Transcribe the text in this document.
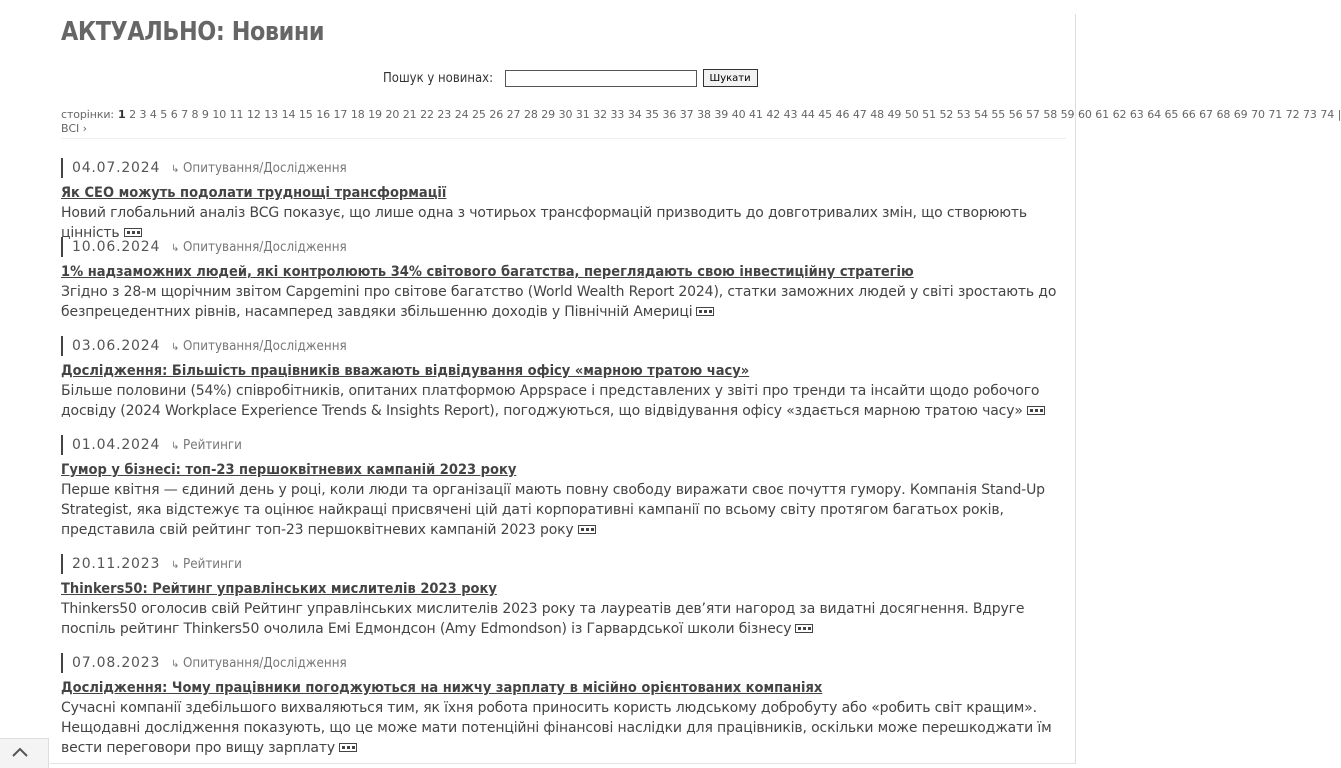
АКТУАЛЬНО: Новини
Пошук у новинах:	Шукати
сторінки: 1 2 3 4 5 6 7 8 9 10 11 12 13 14 15 16 17 18 19 20 21 22 23 24 25 26 27 28 29 30 31 32 33 34 35 36 37 38 39 40 41 42 43 44 45 46 47 48 49 50 51 52 53 54 55 56 57 58 59 60 61 62 63 64 65 66 67 68 69 70 71 72 73 74 | ВСІ ›
04.07.2024 ↳ Опитування/Дослідження
Як CEO можуть подолати труднощі трансформації
Новий глобальний аналіз BCG показує, що лише одна з чотирьох трансформацій призводить до довготривалих змін, що створюють цінність
10.06.2024 ↳ Опитування/Дослідження
1% надзаможних людей, які контролюють 34% світового багатства, переглядають свою інвестиційну стратегію
Згідно з 28-м щорічним звітом Capgemini про світове багатство (World Wealth Report 2024), статки заможних людей у світі зростають до безпрецедентних рівнів, насамперед завдяки збільшенню доходів у Північній Америці
03.06.2024 ↳ Опитування/Дослідження
Дослідження: Більшість працівників вважають відвідування офісу «марною тратою часу»
Більше половини (54%) співробітників, опитаних платформою Appspace і представлених у звіті про тренди та інсайти щодо робочого досвіду (2024 Workplace Experience Trends & Insights Report), погоджуються, що відвідування офісу «здається марною тратою часу»
01.04.2024 ↳ Рейтинги
Гумор у бізнесі: топ-23 першоквітневих кампаній 2023 року
Перше квітня — єдиний день у році, коли люди та організації мають повну свободу виражати своє почуття гумору. Компанія Stand-Up Strategist, яка відстежує та оцінює найкращі присвячені цій даті корпоративні кампанії по всьому світу протягом багатьох років, представила свій рейтинг топ-23 першоквітневих кампаній 2023 року
20.11.2023 ↳ Рейтинги
Thinkers50: Рейтинг управлінських мислителів 2023 року
Thinkers50 оголосив свій Рейтинг управлінських мислителів 2023 року та лауреатів дев’яти нагород за видатні досягнення. Вдруге поспіль рейтинг Thinkers50 очолила Емі Едмондсон (Amy Edmondson) із Гарвардської школи бізнесу
07.08.2023 ↳ Опитування/Дослідження
Дослідження: Чому працівники погоджуються на нижчу зарплату в місійно орієнтованих компаніях
Сучасні компанії здебільшого вихваляються тим, як їхня робота приносить користь людському добробуту або «робить світ кращим». Нещодавні дослідження показують, що це може мати потенційні фінансові наслідки для працівників, оскільки може перешкоджати їм вести переговори про вищу зарплату
